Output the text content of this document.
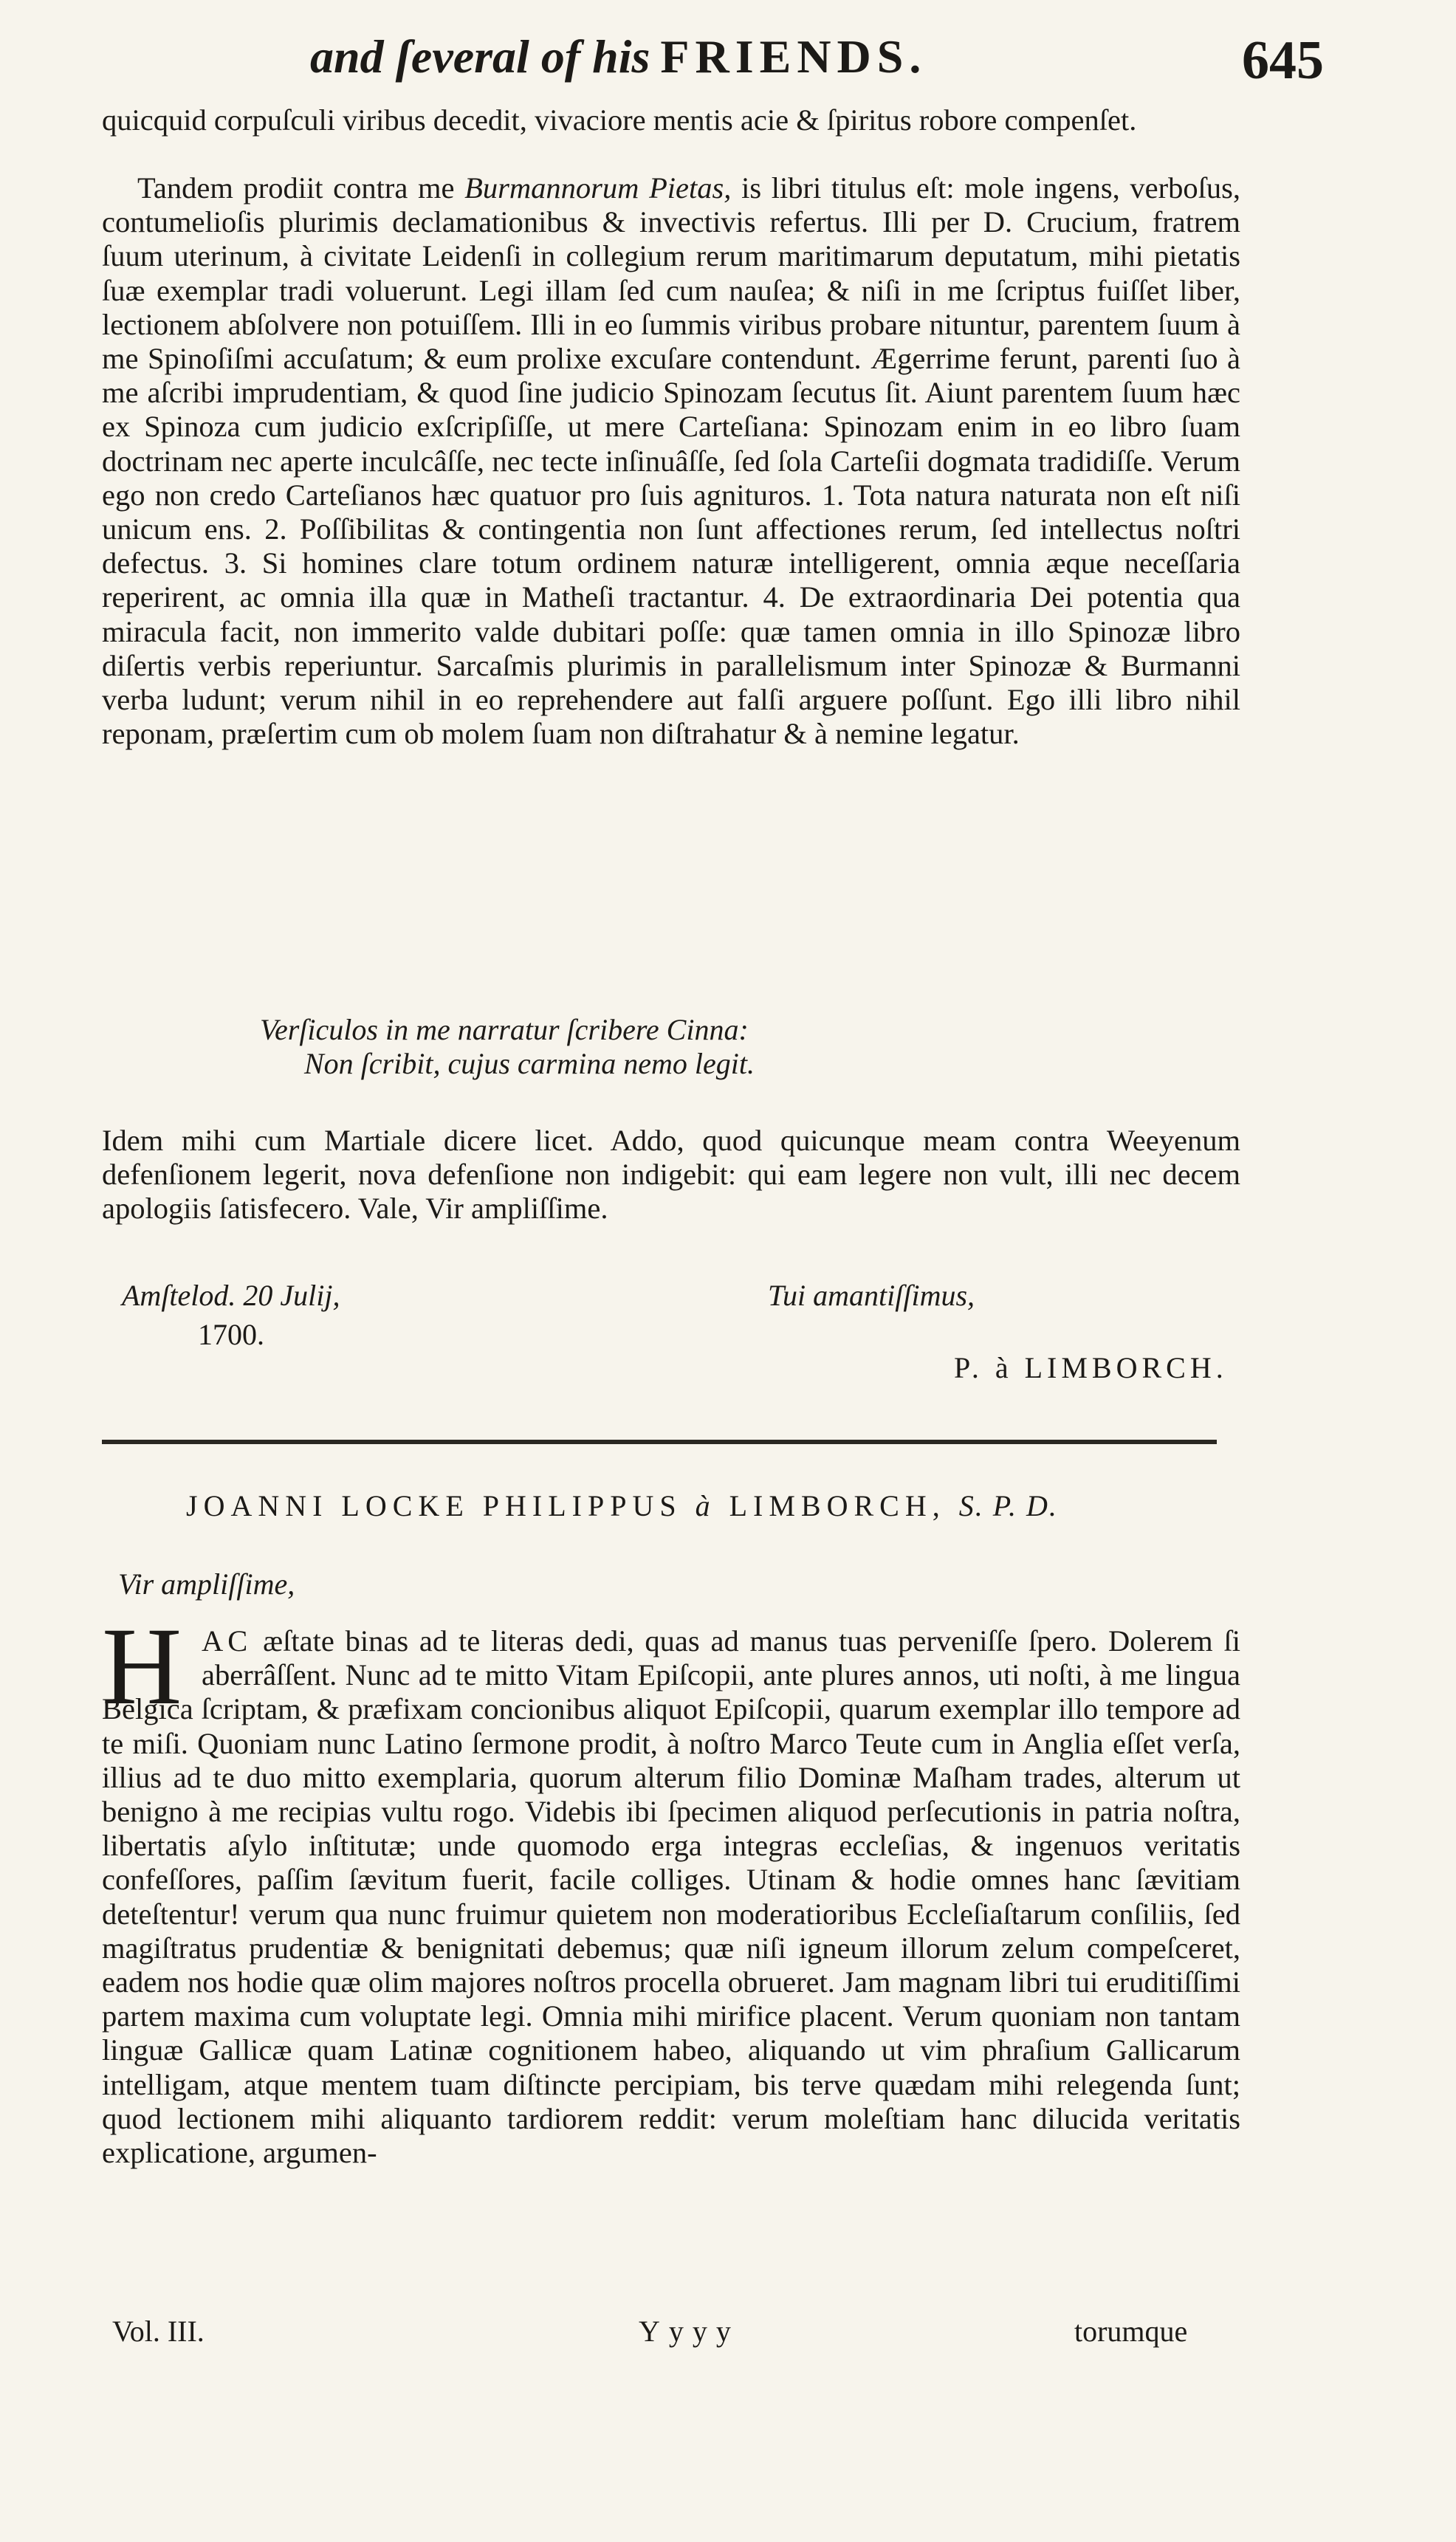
and ſeveral of his FRIENDS.	645

quicquid corpuſculi viribus decedit, vivaciore mentis acie & ſpiritus robore compenſet.

Tandem prodiit contra me Burmannorum Pietas, is libri titulus eſt: mole ingens, verboſus, contumelioſis plurimis declamationibus & invectivis refertus. Illi per D. Crucium, fratrem ſuum uterinum, à civitate Leidenſi in collegium rerum maritimarum deputatum, mihi pietatis ſuæ exemplar tradi voluerunt. Legi illam ſed cum nauſea; & niſi in me ſcriptus fuiſſet liber, lectionem abſolvere non potuiſſem. Illi in eo ſummis viribus probare nituntur, parentem ſuum à me Spinoſiſmi accuſatum; & eum prolixe excuſare contendunt. Ægerrime ferunt, parenti ſuo à me aſcribi imprudentiam, & quod ſine judicio Spinozam ſecutus ſit. Aiunt parentem ſuum hæc ex Spinoza cum judicio exſcripſiſſe, ut mere Carteſiana: Spinozam enim in eo libro ſuam doctrinam nec aperte inculcâſſe, nec tecte inſinuâſſe, ſed ſola Carteſii dogmata tradidiſſe. Verum ego non credo Carteſianos hæc quatuor pro ſuis agnituros. 1. Tota natura naturata non eſt niſi unicum ens. 2. Poſſibilitas & contingentia non ſunt affectiones rerum, ſed intellectus noſtri defectus. 3. Si homines clare totum ordinem naturæ intelligerent, omnia æque neceſſaria reperirent, ac omnia illa quæ in Matheſi tractantur. 4. De extraordinaria Dei potentia qua miracula facit, non immerito valde dubitari poſſe: quæ tamen omnia in illo Spinozæ libro diſertis verbis reperiuntur. Sarcaſmis plurimis in parallelismum inter Spinozæ & Burmanni verba ludunt; verum nihil in eo reprehendere aut falſi arguere poſſunt. Ego illi libro nihil reponam, præſertim cum ob molem ſuam non diſtrahatur & à nemine legatur.

Verſiculos in me narratur ſcribere Cinna:
Non ſcribit, cujus carmina nemo legit.

Idem mihi cum Martiale dicere licet. Addo, quod quicunque meam contra Weeyenum defenſionem legerit, nova defenſione non indigebit: qui eam legere non vult, illi nec decem apologiis ſatisfecero. Vale, Vir ampliſſime.

Amſtelod. 20 Julij,
1700.
Tui amantiſſimus,
P. à LIMBORCH.
JOANNI LOCKE PHILIPPUS à LIMBORCH, S. P. D.
Vir ampliſſime,
H AC æſtate binas ad te literas dedi, quas ad manus tuas perveniſſe ſpero. Dolerem ſi aberrâſſent. Nunc ad te mitto Vitam Epiſcopii, ante plures annos, uti noſti, à me lingua Belgica ſcriptam, & præfixam concionibus aliquot Epiſcopii, quarum exemplar illo tempore ad te miſi. Quoniam nunc Latino ſermone prodit, à noſtro Marco Teute cum in Anglia eſſet verſa, illius ad te duo mitto exemplaria, quorum alterum filio Dominæ Maſham trades, alterum ut benigno à me recipias vultu rogo. Videbis ibi ſpecimen aliquod perſecutionis in patria noſtra, libertatis aſylo inſtitutæ; unde quomodo erga integras eccleſias, & ingenuos veritatis confeſſores, paſſim ſævitum fuerit, facile colliges. Utinam & hodie omnes hanc ſævitiam deteſtentur! verum qua nunc fruimur quietem non moderatioribus Eccleſiaſtarum conſiliis, ſed magiſtratus prudentiæ & benignitati debemus; quæ niſi igneum illorum zelum compeſceret, eadem nos hodie quæ olim majores noſtros procella obrueret. Jam magnam libri tui eruditiſſimi partem maxima cum voluptate legi. Omnia mihi mirifice placent. Verum quoniam non tantam linguæ Gallicæ quam Latinæ cognitionem habeo, aliquando ut vim phraſium Gallicarum intelligam, atque mentem tuam diſtincte percipiam, bis terve quædam mihi relegenda ſunt; quod lectionem mihi aliquanto tardiorem reddit: verum moleſtiam hanc dilucida veritatis explicatione, argumen-
Vol. III.	Yyyy	torumque
